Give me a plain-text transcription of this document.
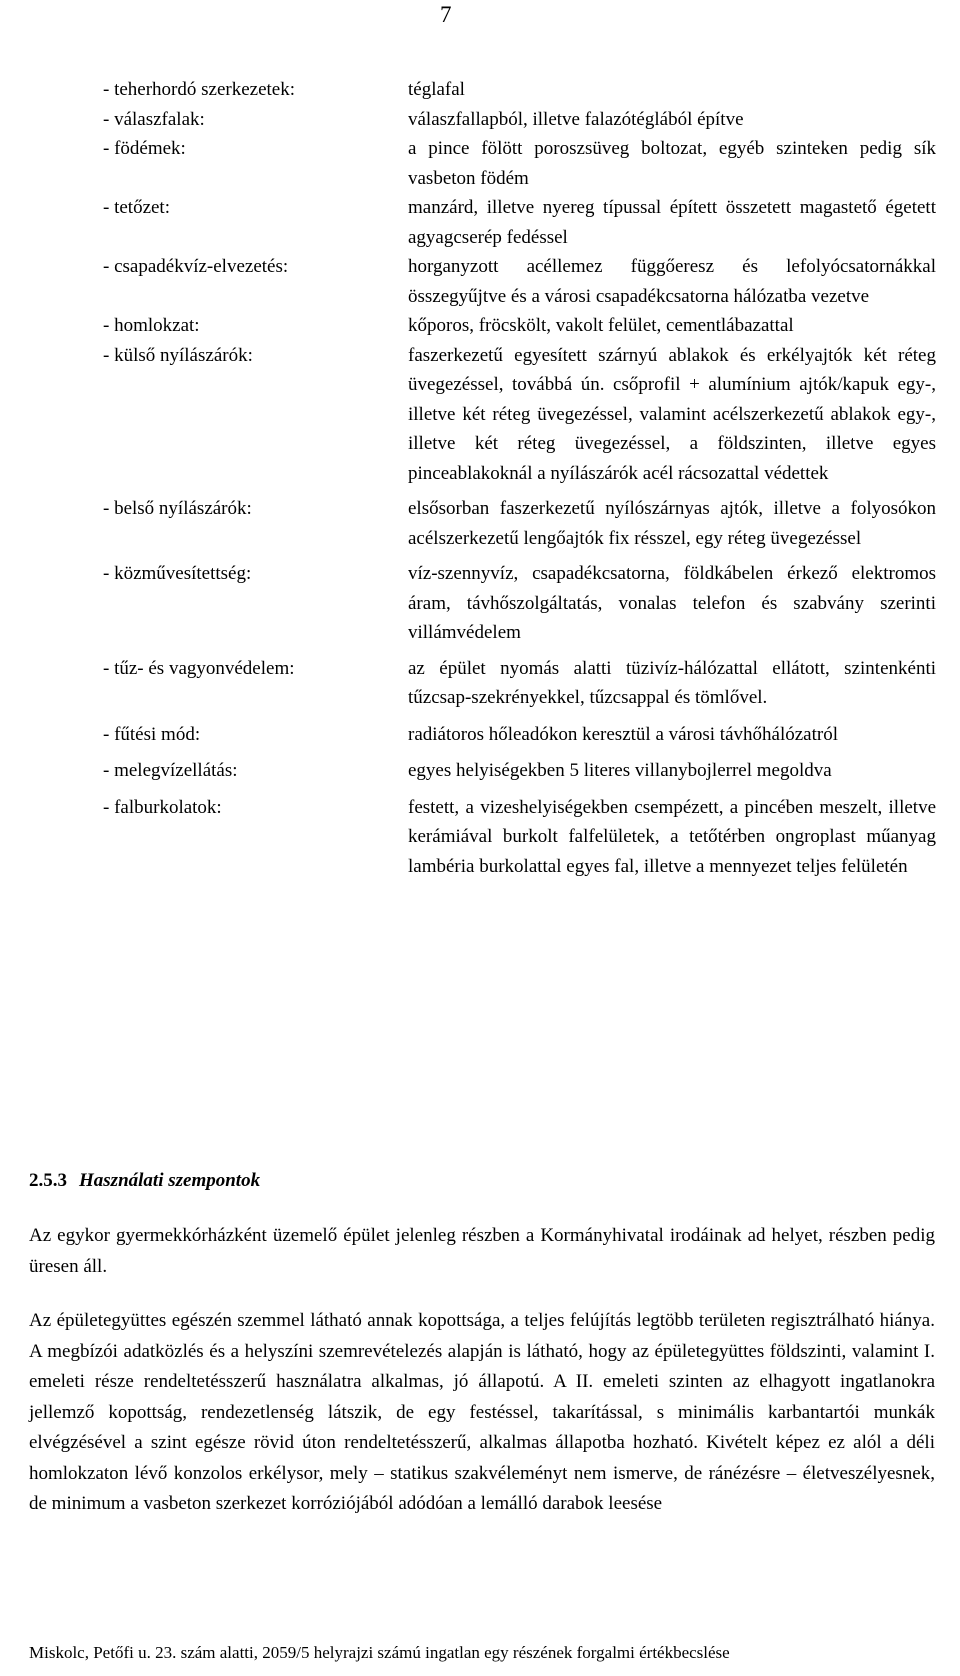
7
- teherhordó szerkezetek:	téglafal
- válaszfalak:	válaszfallapból, illetve falazótéglából építve
- födémek:	a pince fölött poroszsüveg boltozat, egyéb szinteken pedig sík vasbeton födém
- tetőzet:	manzárd, illetve nyereg típussal épített összetett magastető égetett agyagcserép fedéssel
- csapadékvíz-elvezetés:	horganyzott acéllemez függőeresz és lefolyócsatornákkal összegyűjtve és a városi csapadékcsatorna hálózatba vezetve
- homlokzat:	kőporos, fröcskölt, vakolt felület, cementlábazattal
- külső nyílászárók:	faszerkezetű egyesített szárnyú ablakok és erkélyajtók két réteg üvegezéssel, továbbá ún. csőprofil + alumínium ajtók/kapuk egy-, illetve két réteg üvegezéssel, valamint acélszerkezetű ablakok egy-, illetve két réteg üvegezéssel, a földszinten, illetve egyes pinceablakoknál a nyílászárók acél rácsozattal védettek
- belső nyílászárók:	elsősorban faszerkezetű nyílószárnyas ajtók, illetve a folyosókon acélszerkezetű lengőajtók fix résszel, egy réteg üvegezéssel
- közművesítettség:	víz-szennyvíz, csapadékcsatorna, földkábelen érkező elektromos áram, távhőszolgáltatás, vonalas telefon és szabvány szerinti villámvédelem
- tűz- és vagyonvédelem:	az épület nyomás alatti tüzivíz-hálózattal ellátott, szintenkénti tűzcsap-szekrényekkel, tűzcsappal és tömlővel.
- fűtési mód:	radiátoros hőleadókon keresztül a városi távhőhálózatról
- melegvízellátás:	egyes helyiségekben 5 literes villanybojlerrel megoldva
- falburkolatok:	festett, a vizeshelyiségekben csempézett, a pincében meszelt, illetve kerámiával burkolt falfelületek, a tetőtérben ongroplast műanyag lambéria burkolattal egyes fal, illetve a mennyezet teljes felületén
2.5.3 Használati szempontok
Az egykor gyermekkórházként üzemelő épület jelenleg részben a Kormányhivatal irodáinak ad helyet, részben pedig üresen áll.
Az épületegyüttes egészén szemmel látható annak kopottsága, a teljes felújítás legtöbb területen regisztrálható hiánya. A megbízói adatközlés és a helyszíni szemrevételezés alapján is látható, hogy az épületegyüttes földszinti, valamint I. emeleti része rendeltetésszerű használatra alkalmas, jó állapotú. A II. emeleti szinten az elhagyott ingatlanokra jellemző kopottság, rendezetlenség látszik, de egy festéssel, takarítással, s minimális karbantartói munkák elvégzésével a szint egésze rövid úton rendeltetésszerű, alkalmas állapotba hozható. Kivételt képez ez alól a déli homlokzaton lévő konzolos erkélysor, mely – statikus szakvéleményt nem ismerve, de ránézésre – életveszélyesnek, de minimum a vasbeton szerkezet korróziójából adódóan a lemálló darabok leesése
Miskolc, Petőfi u. 23. szám alatti, 2059/5 helyrajzi számú ingatlan egy részének forgalmi értékbecslése
